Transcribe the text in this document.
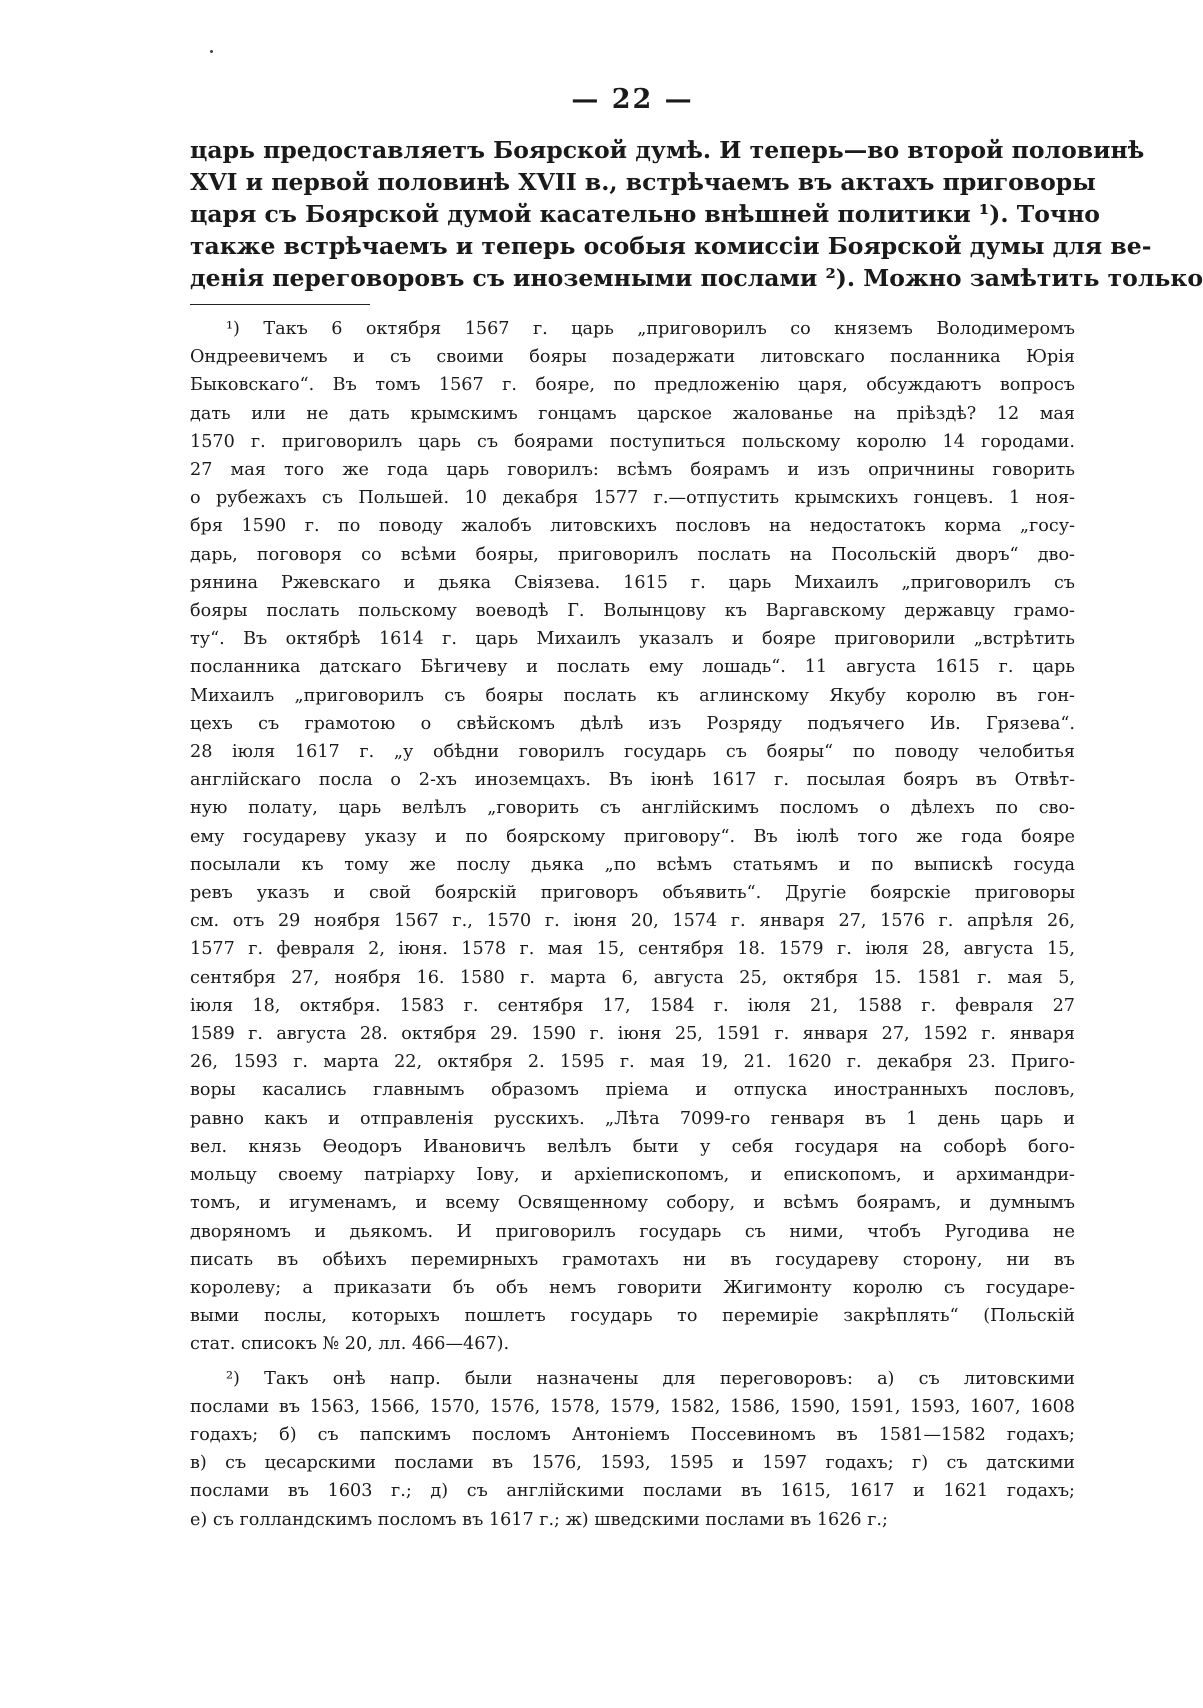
— 22 —
царь предоставляетъ Боярской думѣ. И теперь—во второй половинѣ
XVI и первой половинѣ XVII в., встрѣчаемъ въ актахъ приговоры
царя съ Боярской думой касательно внѣшней политики ¹). Точно
также встрѣчаемъ и теперь особыя комиссіи Боярской думы для ве-
денія переговоровъ съ иноземными послами ²). Можно замѣтить только
¹) Такъ 6 октября 1567 г. царь „приговорилъ со княземъ Володимеромъ
Ондреевичемъ и съ своими бояры позадержати литовскаго посланника Юрія
Быковскаго“. Въ томъ 1567 г. бояре, по предложенію царя, обсуждаютъ вопросъ
дать или не дать крымскимъ гонцамъ царское жалованье на пріѣздѣ? 12 мая
1570 г. приговорилъ царь съ боярами поступиться польскому королю 14 городами.
27 мая того же года царь говорилъ: всѣмъ боярамъ и изъ опричнины говорить
о рубежахъ съ Польшей. 10 декабря 1577 г.—отпустить крымскихъ гонцевъ. 1 ноя-
бря 1590 г. по поводу жалобъ литовскихъ пословъ на недостатокъ корма „госу-
дарь, поговоря со всѣми бояры, приговорилъ послать на Посольскій дворъ“ дво-
рянина Ржевскаго и дьяка Свіязева. 1615 г. царь Михаилъ „приговорилъ съ
бояры послать польскому воеводѣ Г. Волынцову къ Варгавскому державцу грамо-
ту“. Въ октябрѣ 1614 г. царь Михаилъ указалъ и бояре приговорили „встрѣтить
посланника датскаго Бѣгичеву и послать ему лошадь“. 11 августа 1615 г. царь
Михаилъ „приговорилъ съ бояры послать къ аглинскому Якубу королю въ гон-
цехъ съ грамотою о свѣйскомъ дѣлѣ изъ Розряду подъячего Ив. Грязева“.
28 іюля 1617 г. „у обѣдни говорилъ государь съ бояры“ по поводу челобитья
англійскаго посла о 2-хъ иноземцахъ. Въ іюнѣ 1617 г. посылая бояръ въ Отвѣт-
ную полату, царь велѣлъ „говорить съ англійскимъ посломъ о дѣлехъ по сво-
ему государеву указу и по боярскому приговору“. Въ іюлѣ того же года бояре
посылали къ тому же послу дьяка „по всѣмъ статьямъ и по выпискѣ госуда
ревъ указъ и свой боярскій приговоръ объявить“. Другіе боярскіе приговоры
см. отъ 29 ноября 1567 г., 1570 г. іюня 20, 1574 г. января 27, 1576 г. апрѣля 26,
1577 г. февраля 2, іюня. 1578 г. мая 15, сентября 18. 1579 г. іюля 28, августа 15,
сентября 27, ноября 16. 1580 г. марта 6, августа 25, октября 15. 1581 г. мая 5,
іюля 18, октября. 1583 г. сентября 17, 1584 г. іюля 21, 1588 г. февраля 27
1589 г. августа 28. октября 29. 1590 г. іюня 25, 1591 г. января 27, 1592 г. января
26, 1593 г. марта 22, октября 2. 1595 г. мая 19, 21. 1620 г. декабря 23. Приго-
воры касались главнымъ образомъ пріема и отпуска иностранныхъ пословъ,
равно какъ и отправленія русскихъ. „Лѣта 7099-го генваря въ 1 день царь и
вел. князь Ѳеодоръ Ивановичъ велѣлъ быти у себя государя на соборѣ бого-
мольцу своему патріарху Іову, и архіепископомъ, и епископомъ, и архимандри-
томъ, и игуменамъ, и всему Освященному собору, и всѣмъ боярамъ, и думнымъ
дворяномъ и дьякомъ. И приговорилъ государь съ ними, чтобъ Ругодива не
писать въ обѣихъ перемирныхъ грамотахъ ни въ государеву сторону, ни въ
королеву; а приказати бъ объ немъ говорити Жигимонту королю съ государе-
выми послы, которыхъ пошлетъ государь то перемиріе закрѣплять“ (Польскій
стат. списокъ № 20, лл. 466—467).
²) Такъ онѣ напр. были назначены для переговоровъ: а) съ литовскими
послами въ 1563, 1566, 1570, 1576, 1578, 1579, 1582, 1586, 1590, 1591, 1593, 1607, 1608
годахъ; б) съ папскимъ посломъ Антоніемъ Поссевиномъ въ 1581—1582 годахъ;
в) съ цесарскими послами въ 1576, 1593, 1595 и 1597 годахъ; г) съ датскими
послами въ 1603 г.; д) съ англійскими послами въ 1615, 1617 и 1621 годахъ;
е) съ голландскимъ посломъ въ 1617 г.; ж) шведскими послами въ 1626 г.;
